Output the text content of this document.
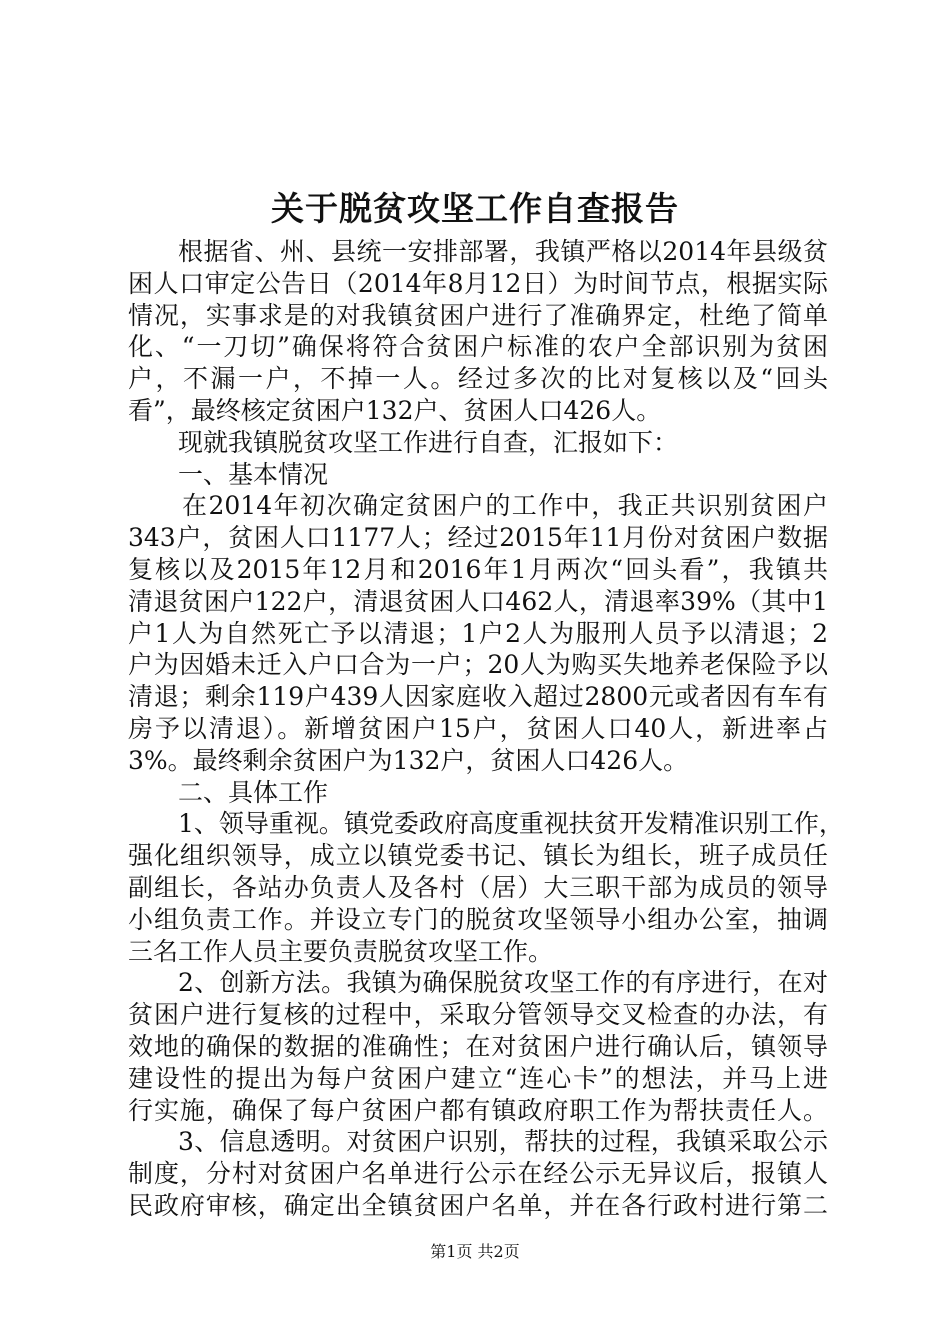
关于脱贫攻坚工作自查报告
根据省、州、县统一安排部署，我镇严格以2014年县级贫
困人口审定公告日（2014年8月12日）为时间节点，根据实际
情况，实事求是的对我镇贫困户进行了准确界定，杜绝了简单
化、“一刀切”确保将符合贫困户标准的农户全部识别为贫困
户，不漏一户，不掉一人。经过多次的比对复核以及“回头
看”，最终核定贫困户132户、贫困人口426人。
现就我镇脱贫攻坚工作进行自查，汇报如下：
一、基本情况
在2014年初次确定贫困户的工作中，我正共识别贫困户
343户，贫困人口1177人；经过2015年11月份对贫困户数据
复核以及2015年12月和2016年1月两次“回头看”，我镇共
清退贫困户122户，清退贫困人口462人，清退率39%（其中1
户1人为自然死亡予以清退；1户2人为服刑人员予以清退；2
户为因婚未迁入户口合为一户；20人为购买失地养老保险予以
清退；剩余119户439人因家庭收入超过2800元或者因有车有
房予以清退）。新增贫困户15户，贫困人口40人，新进率占
3%。最终剩余贫困户为132户，贫困人口426人。
二、具体工作
1、领导重视。镇党委政府高度重视扶贫开发精准识别工作，
强化组织领导，成立以镇党委书记、镇长为组长，班子成员任
副组长，各站办负责人及各村（居）大三职干部为成员的领导
小组负责工作。并设立专门的脱贫攻坚领导小组办公室，抽调
三名工作人员主要负责脱贫攻坚工作。
2、创新方法。我镇为确保脱贫攻坚工作的有序进行，在对
贫困户进行复核的过程中，采取分管领导交叉检查的办法，有
效地的确保的数据的准确性；在对贫困户进行确认后，镇领导
建设性的提出为每户贫困户建立“连心卡”的想法，并马上进
行实施，确保了每户贫困户都有镇政府职工作为帮扶责任人。
3、信息透明。对贫困户识别，帮扶的过程，我镇采取公示
制度，分村对贫困户名单进行公示在经公示无异议后，报镇人
民政府审核，确定出全镇贫困户名单，并在各行政村进行第二
第1页 共2页
